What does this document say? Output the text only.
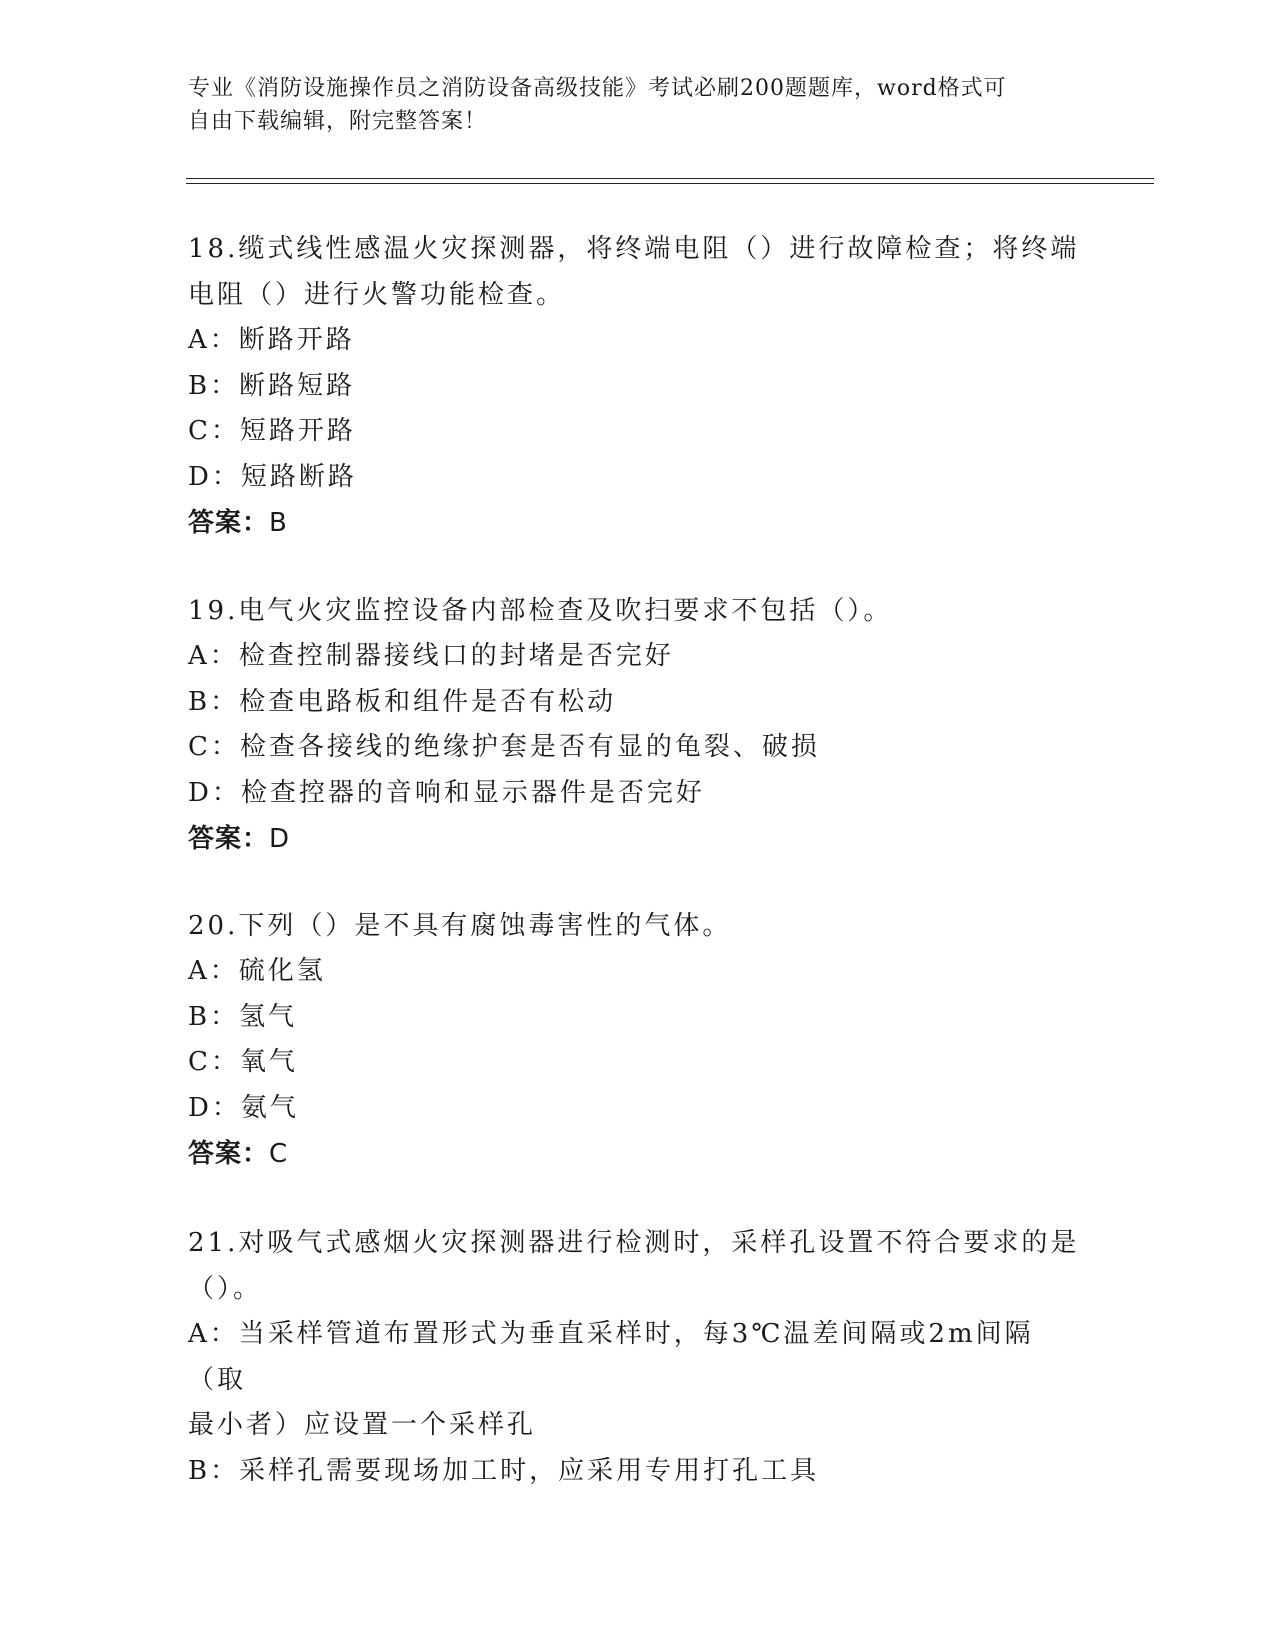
专业《消防设施操作员之消防设备高级技能》考试必刷200题题库，word格式可
自由下载编辑，附完整答案！

18.缆式线性感温火灾探测器，将终端电阻（）进行故障检查；将终端
电阻（）进行火警功能检查。

A：断路开路

B：断路短路

C：短路开路

D：短路断路

答案：B

19.电气火灾监控设备内部检查及吹扫要求不包括（）。

A：检查控制器接线口的封堵是否完好

B：检查电路板和组件是否有松动

C：检查各接线的绝缘护套是否有显的龟裂、破损

D：检查控器的音响和显示器件是否完好

答案：D

20.下列（）是不具有腐蚀毒害性的气体。

A：硫化氢

B：氢气

C：氧气

D：氨气

答案：C

21.对吸气式感烟火灾探测器进行检测时，采样孔设置不符合要求的是
（）。

A：当采样管道布置形式为垂直采样时，每3℃温差间隔或2m间隔（取
最小者）应设置一个采样孔

B：采样孔需要现场加工时，应采用专用打孔工具
